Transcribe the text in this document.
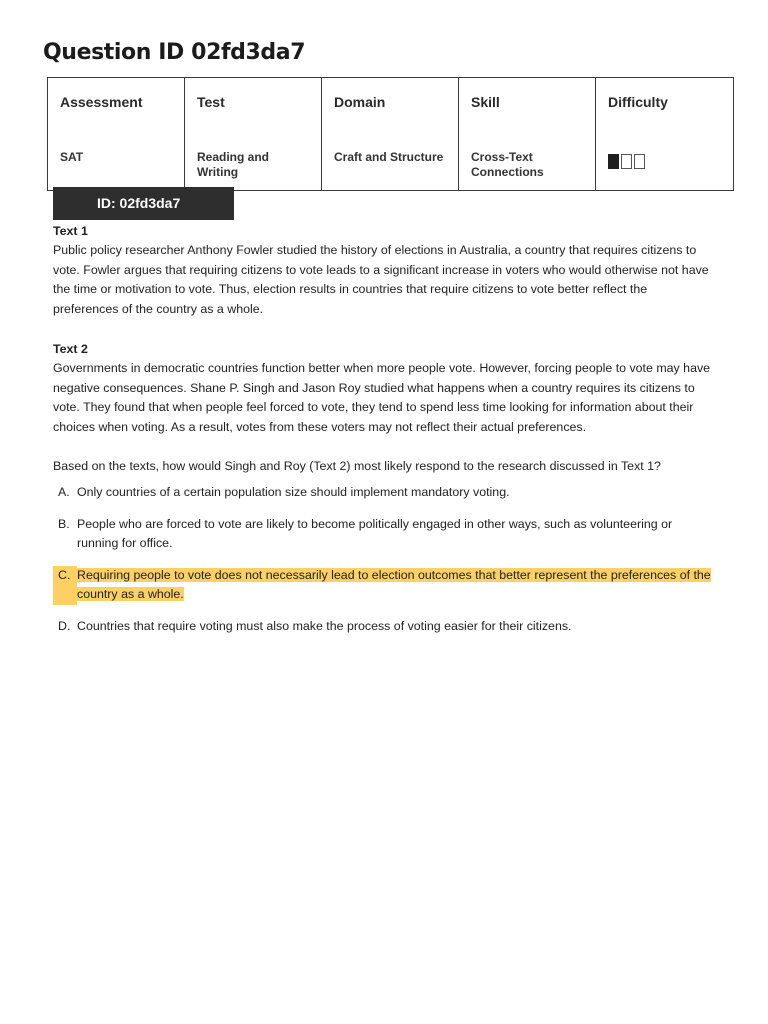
Question ID 02fd3da7
Assessment	Test	Domain	Skill	Difficulty
SAT	Reading and Writing	Craft and Structure	Cross-Text Connections	
ID: 02fd3da7

Text 1

Public policy researcher Anthony Fowler studied the history of elections in Australia, a country that requires citizens to vote. Fowler argues that requiring citizens to vote leads to a significant increase in voters who would otherwise not have the time or motivation to vote. Thus, election results in countries that require citizens to vote better reflect the preferences of the country as a whole.

Text 2

Governments in democratic countries function better when more people vote. However, forcing people to vote may have negative consequences. Shane P. Singh and Jason Roy studied what happens when a country requires its citizens to vote. They found that when people feel forced to vote, they tend to spend less time looking for information about their choices when voting. As a result, votes from these voters may not reflect their actual preferences.

Based on the texts, how would Singh and Roy (Text 2) most likely respond to the research discussed in Text 1?

A. Only countries of a certain population size should implement mandatory voting.
B. People who are forced to vote are likely to become politically engaged in other ways, such as volunteering or running for office.
C. Requiring people to vote does not necessarily lead to election outcomes that better represent the preferences of the country as a whole.
D. Countries that require voting must also make the process of voting easier for their citizens.
